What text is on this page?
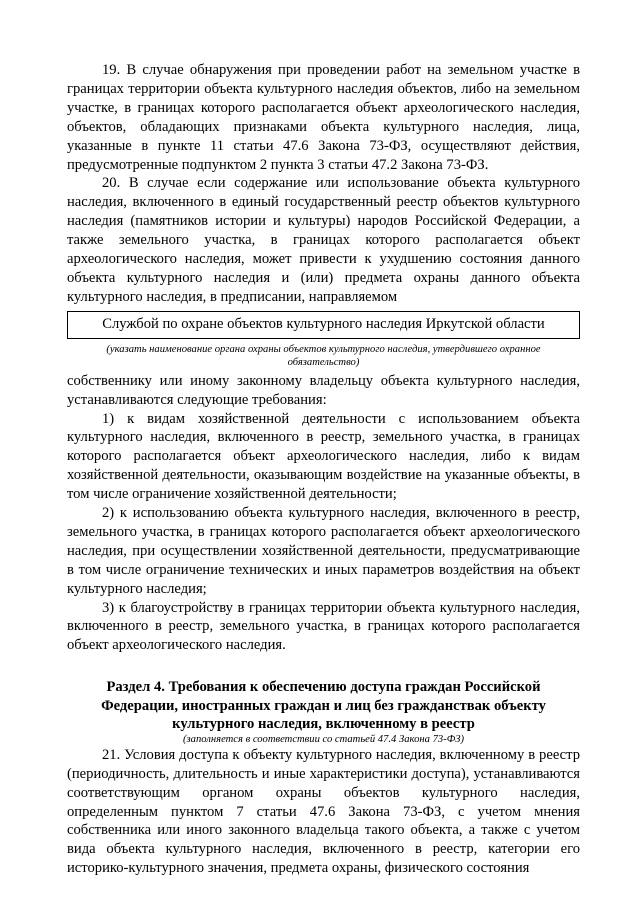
19. В случае обнаружения при проведении работ на земельном участке в границах территории объекта культурного наследия объектов, либо на земельном участке, в границах которого располагается объект археологического наследия, объектов, обладающих признаками объекта культурного наследия, лица, указанные в пункте 11 статьи 47.6 Закона 73-ФЗ, осуществляют действия, предусмотренные подпунктом 2 пункта 3 статьи 47.2 Закона 73-ФЗ.

20. В случае если содержание или использование объекта культурного наследия, включенного в единый государственный реестр объектов культурного наследия (памятников истории и культуры) народов Российской Федерации, а также земельного участка, в границах которого располагается объект археологического наследия, может привести к ухудшению состояния данного объекта культурного наследия и (или) предмета охраны данного объекта культурного наследия, в предписании, направляемом

Службой по охране объектов культурного наследия Иркутской области
(указать наименование органа охраны объектов культурного наследия, утвердившего охранное обязательство)

собственнику или иному законному владельцу объекта культурного наследия, устанавливаются следующие требования:

1) к видам хозяйственной деятельности с использованием объекта культурного наследия, включенного в реестр, земельного участка, в границах которого располагается объект археологического наследия, либо к видам хозяйственной деятельности, оказывающим воздействие на указанные объекты, в том числе ограничение хозяйственной деятельности;

2) к использованию объекта культурного наследия, включенного в реестр, земельного участка, в границах которого располагается объект археологического наследия, при осуществлении хозяйственной деятельности, предусматривающие в том числе ограничение технических и иных параметров воздействия на объект культурного наследия;

3) к благоустройству в границах территории объекта культурного наследия, включенного в реестр, земельного участка, в границах которого располагается объект археологического наследия.

Раздел 4. Требования к обеспечению доступа граждан Российской Федерации, иностранных граждан и лиц без гражданствак объекту культурного наследия, включенному в реестр
(заполняется в соответствии со статьей 47.4 Закона 73-ФЗ)

21. Условия доступа к объекту культурного наследия, включенному в реестр (периодичность, длительность и иные характеристики доступа), устанавливаются соответствующим органом охраны объектов культурного наследия, определенным пунктом 7 статьи 47.6 Закона 73-ФЗ, с учетом мнения собственника или иного законного владельца такого объекта, а также с учетом вида объекта культурного наследия, включенного в реестр, категории его историко-культурного значения, предмета охраны, физического состояния
